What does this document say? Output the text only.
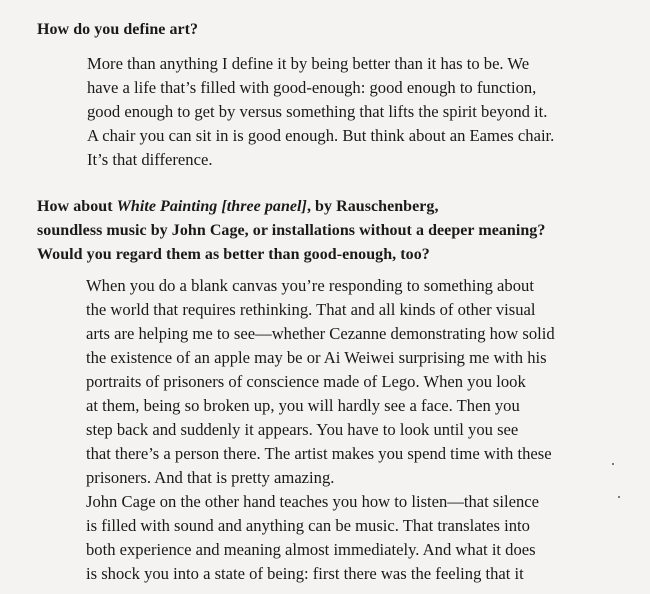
How do you define art?
More than anything I define it by being better than it has to be. We
have a life that’s filled with good-enough: good enough to function,
good enough to get by versus something that lifts the spirit beyond it.
A chair you can sit in is good enough. But think about an Eames chair.
It’s that difference.
How about White Painting [three panel], by Rauschenberg,
soundless music by John Cage, or installations without a deeper meaning?
Would you regard them as better than good-enough, too?
When you do a blank canvas you’re responding to something about
the world that requires rethinking. That and all kinds of other visual
arts are helping me to see—whether Cezanne demonstrating how solid
the existence of an apple may be or Ai Weiwei surprising me with his
portraits of prisoners of conscience made of Lego. When you look
at them, being so broken up, you will hardly see a face. Then you
step back and suddenly it appears. You have to look until you see
that there’s a person there. The artist makes you spend time with these
prisoners. And that is pretty amazing.
John Cage on the other hand teaches you how to listen—that silence
is filled with sound and anything can be music. That translates into
both experience and meaning almost immediately. And what it does
is shock you into a state of being: first there was the feeling that it
